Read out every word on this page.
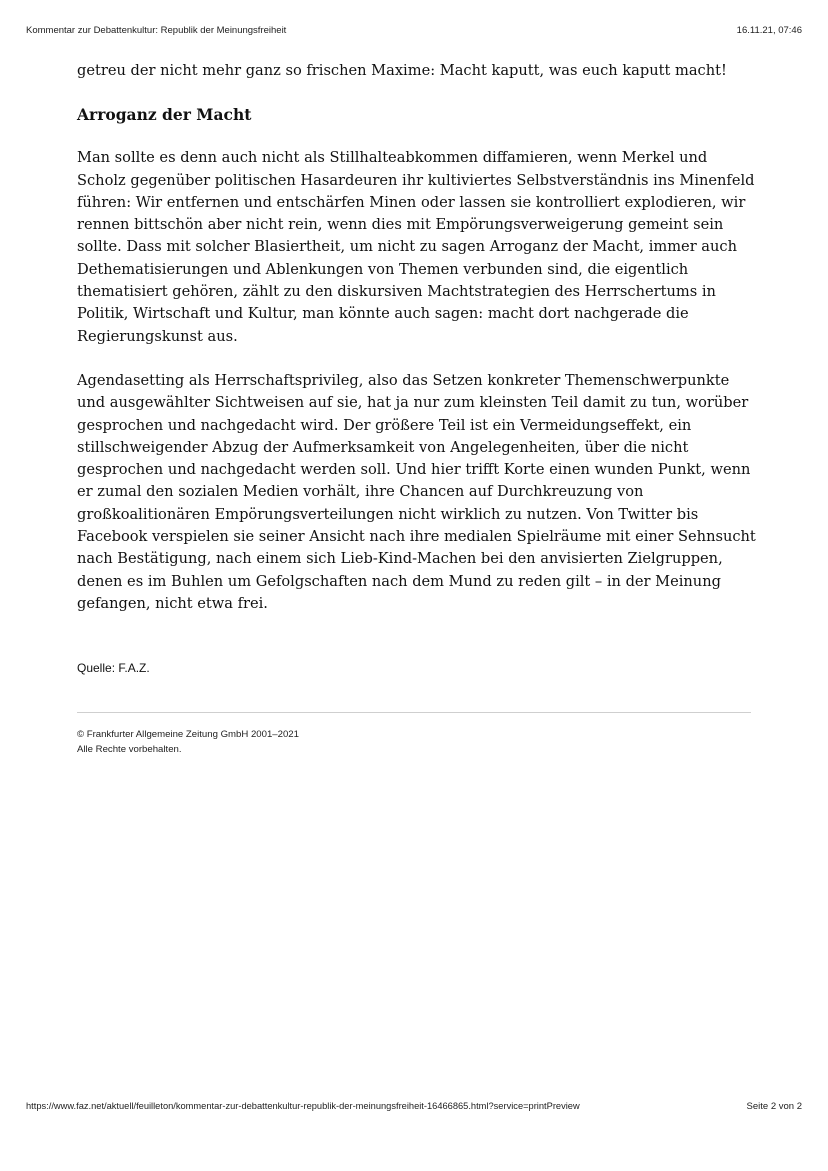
Kommentar zur Debattenkultur: Republik der Meinungsfreiheit	16.11.21, 07:46

getreu der nicht mehr ganz so frischen Maxime: Macht kaputt, was euch kaputt macht!

Arroganz der Macht

Man sollte es denn auch nicht als Stillhalteabkommen diffamieren, wenn Merkel und Scholz gegenüber politischen Hasardeuren ihr kultiviertes Selbstverständnis ins Minenfeld führen: Wir entfernen und entschärfen Minen oder lassen sie kontrolliert explodieren, wir rennen bittschön aber nicht rein, wenn dies mit Empörungsverweigerung gemeint sein sollte. Dass mit solcher Blasiertheit, um nicht zu sagen Arroganz der Macht, immer auch Dethematisierungen und Ablenkungen von Themen verbunden sind, die eigentlich thematisiert gehören, zählt zu den diskursiven Machtstrategien des Herrschertums in Politik, Wirtschaft und Kultur, man könnte auch sagen: macht dort nachgerade die Regierungskunst aus.

Agendasetting als Herrschaftsprivileg, also das Setzen konkreter Themenschwerpunkte und ausgewählter Sichtweisen auf sie, hat ja nur zum kleinsten Teil damit zu tun, worüber gesprochen und nachgedacht wird. Der größere Teil ist ein Vermeidungseffekt, ein stillschweigender Abzug der Aufmerksamkeit von Angelegenheiten, über die nicht gesprochen und nachgedacht werden soll. Und hier trifft Korte einen wunden Punkt, wenn er zumal den sozialen Medien vorhält, ihre Chancen auf Durchkreuzung von großkoalitionären Empörungsverteilungen nicht wirklich zu nutzen. Von Twitter bis Facebook verspielen sie seiner Ansicht nach ihre medialen Spielräume mit einer Sehnsucht nach Bestätigung, nach einem sich Lieb-Kind-Machen bei den anvisierten Zielgruppen, denen es im Buhlen um Gefolgschaften nach dem Mund zu reden gilt – in der Meinung gefangen, nicht etwa frei.

Quelle: F.A.Z.
© Frankfurter Allgemeine Zeitung GmbH 2001–2021
Alle Rechte vorbehalten.
https://www.faz.net/aktuell/feuilleton/kommentar-zur-debattenkultur-republik-der-meinungsfreiheit-16466865.html?service=printPreview	Seite 2 von 2
